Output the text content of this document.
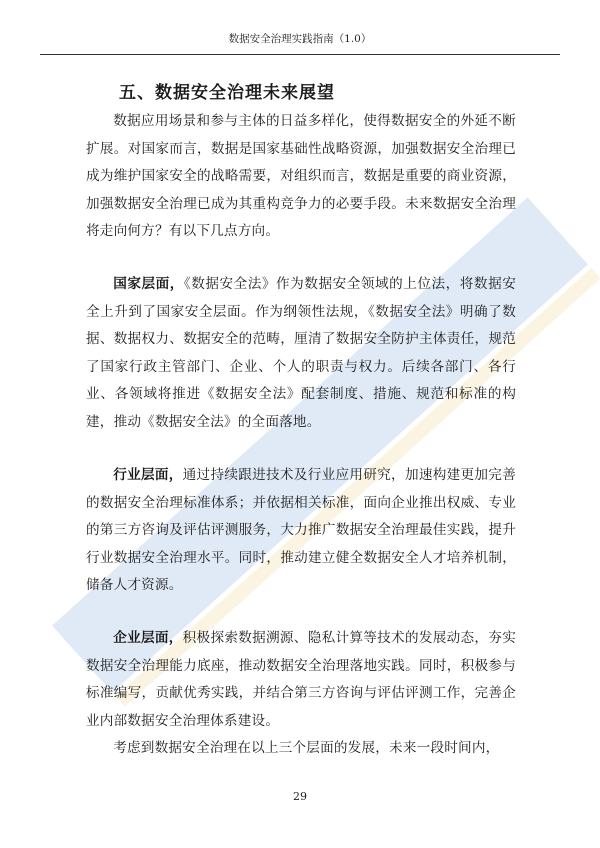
数据安全治理实践指南（1.0）
五、数据安全治理未来展望

数据应用场景和参与主体的日益多样化，使得数据安全的外延不断扩展。对国家而言，数据是国家基础性战略资源，加强数据安全治理已成为维护国家安全的战略需要，对组织而言，数据是重要的商业资源，加强数据安全治理已成为其重构竞争力的必要手段。未来数据安全治理将走向何方？有以下几点方向。

国家层面，《数据安全法》作为数据安全领域的上位法，将数据安全上升到了国家安全层面。作为纲领性法规，《数据安全法》明确了数据、数据权力、数据安全的范畴，厘清了数据安全防护主体责任，规范了国家行政主管部门、企业、个人的职责与权力。后续各部门、各行业、各领域将推进《数据安全法》配套制度、措施、规范和标准的构建，推动《数据安全法》的全面落地。

行业层面，通过持续跟进技术及行业应用研究，加速构建更加完善的数据安全治理标准体系；并依据相关标准，面向企业推出权威、专业的第三方咨询及评估评测服务，大力推广数据安全治理最佳实践，提升行业数据安全治理水平。同时，推动建立健全数据安全人才培养机制，储备人才资源。

企业层面，积极探索数据溯源、隐私计算等技术的发展动态，夯实数据安全治理能力底座，推动数据安全治理落地实践。同时，积极参与标准编写，贡献优秀实践，并结合第三方咨询与评估评测工作，完善企业内部数据安全治理体系建设。

考虑到数据安全治理在以上三个层面的发展，未来一段时间内，

29
